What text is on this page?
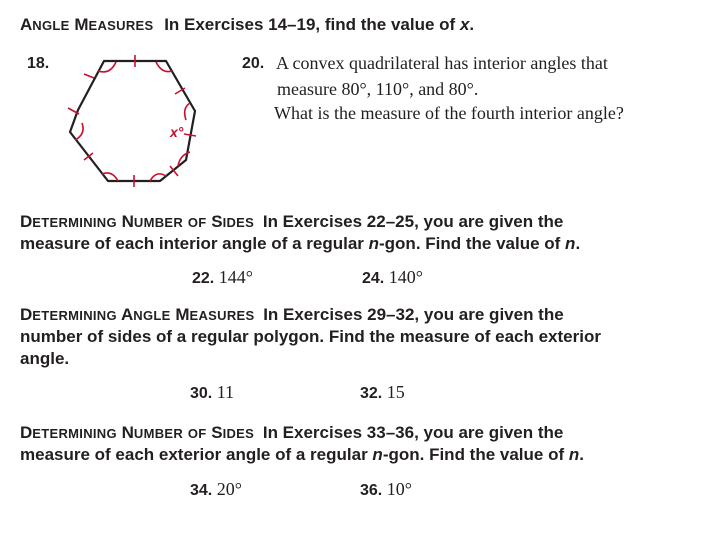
ANGLE MEASURES In Exercises 14–19, find the value of x.
18.
x°
20. A convex quadrilateral has interior angles that
measure 80°, 110°, and 80°.
What is the measure of the fourth interior angle?
DETERMINING NUMBER OF SIDES In Exercises 22–25, you are given the
measure of each interior angle of a regular n-gon. Find the value of n.
22. 144°	24. 140°
DETERMINING ANGLE MEASURES In Exercises 29–32, you are given the
number of sides of a regular polygon. Find the measure of each exterior
angle.
30. 11	32. 15
DETERMINING NUMBER OF SIDES In Exercises 33–36, you are given the
measure of each exterior angle of a regular n-gon. Find the value of n.
34. 20°	36. 10°
